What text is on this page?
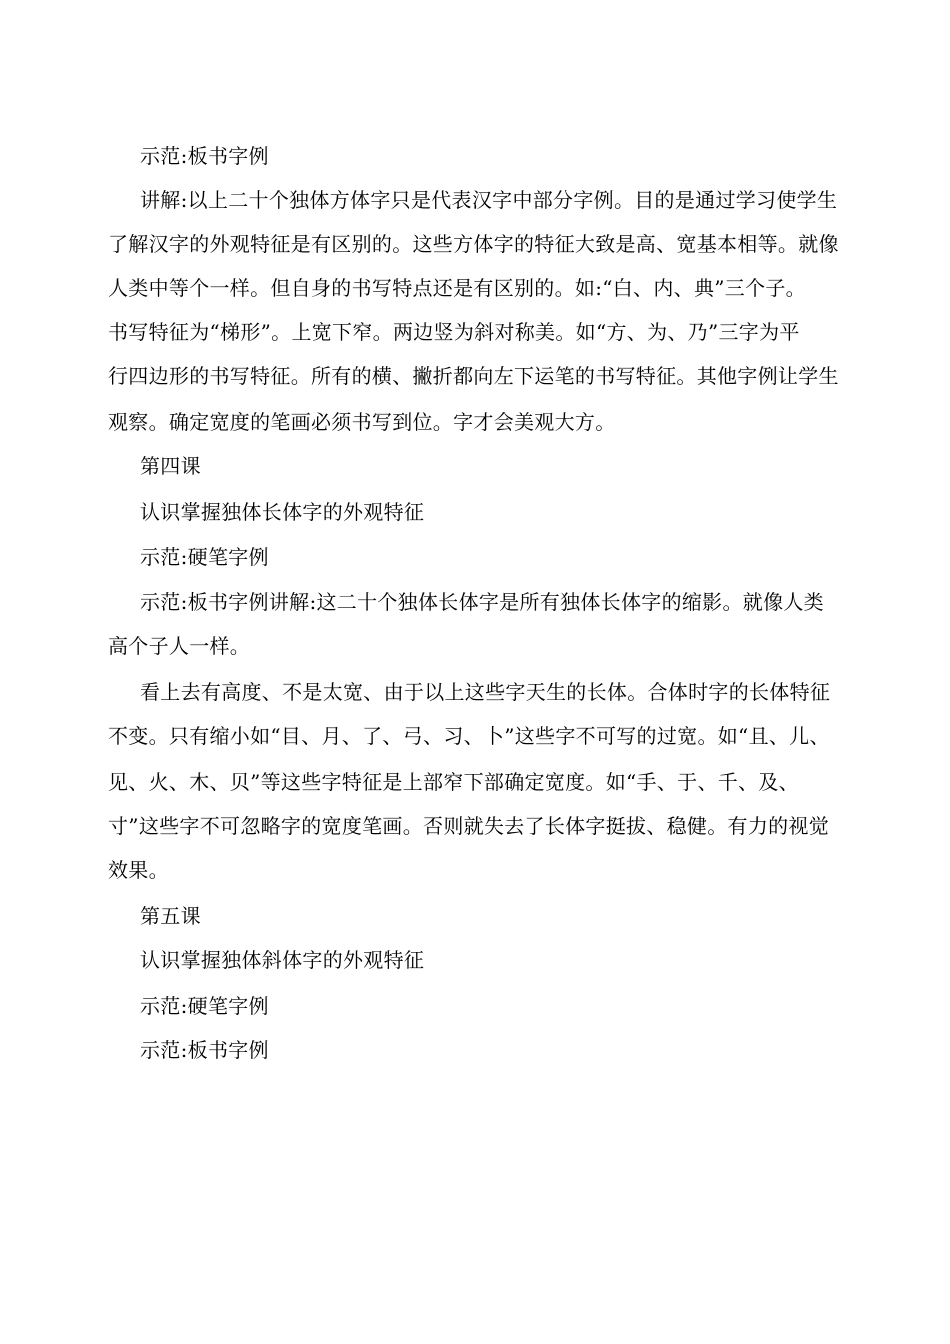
示范:板书字例
讲解:以上二十个独体方体字只是代表汉字中部分字例。目的是通过学习使学生
了解汉字的外观特征是有区别的。这些方体字的特征大致是高、宽基本相等。就像
人类中等个一样。但自身的书写特点还是有区别的。如:“白、内、典”三个子。
书写特征为“梯形”。上宽下窄。两边竖为斜对称美。如“方、为、乃”三字为平
行四边形的书写特征。所有的横、撇折都向左下运笔的书写特征。其他字例让学生
观察。确定宽度的笔画必须书写到位。字才会美观大方。
第四课
认识掌握独体长体字的外观特征
示范:硬笔字例
示范:板书字例讲解:这二十个独体长体字是所有独体长体字的缩影。就像人类
高个子人一样。
看上去有高度、不是太宽、由于以上这些字天生的长体。合体时字的长体特征
不变。只有缩小如“目、月、了、弓、习、卜”这些字不可写的过宽。如“且、儿、
见、火、木、贝”等这些字特征是上部窄下部确定宽度。如“手、于、千、及、
寸”这些字不可忽略字的宽度笔画。否则就失去了长体字挺拔、稳健。有力的视觉
效果。
第五课
认识掌握独体斜体字的外观特征
示范:硬笔字例
示范:板书字例
